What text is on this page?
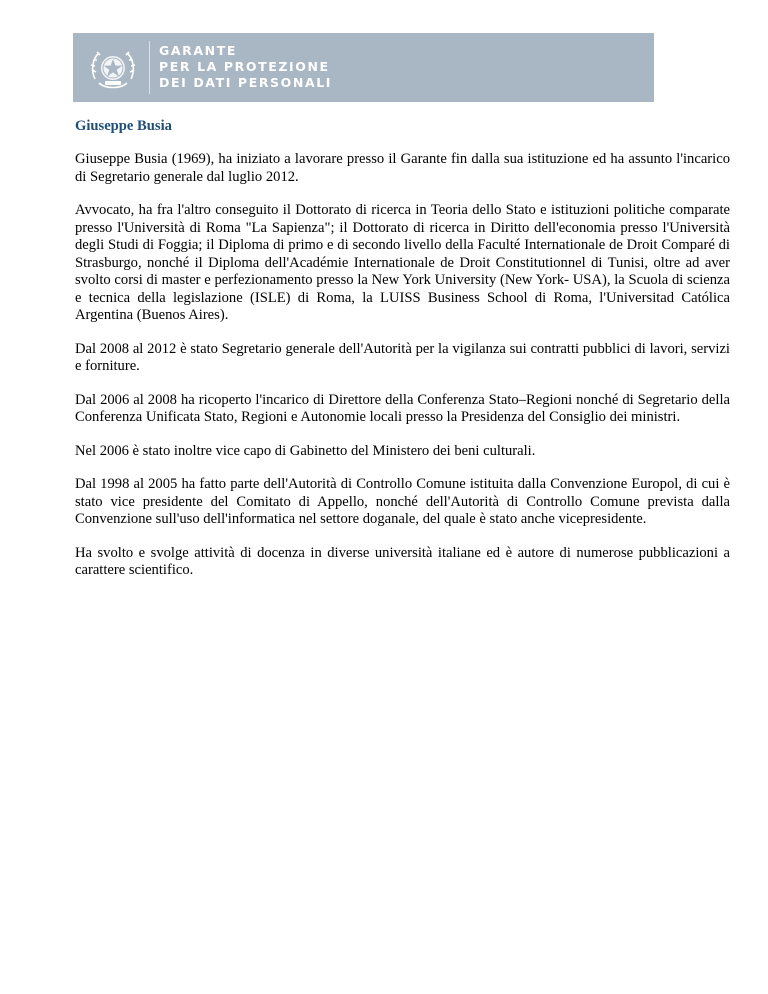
GARANTE
PER LA PROTEZIONE
DEI DATI PERSONALI
Giuseppe Busia

Giuseppe Busia (1969), ha iniziato a lavorare presso il Garante fin dalla sua istituzione ed ha assunto l'incarico di Segretario generale dal luglio 2012.

Avvocato, ha fra l'altro conseguito il Dottorato di ricerca in Teoria dello Stato e istituzioni politiche comparate presso l'Università di Roma "La Sapienza"; il Dottorato di ricerca in Diritto dell'economia presso l'Università degli Studi di Foggia; il Diploma di primo e di secondo livello della Faculté Internationale de Droit Comparé di Strasburgo, nonché il Diploma dell'Académie Internationale de Droit Constitutionnel di Tunisi, oltre ad aver svolto corsi di master e perfezionamento presso la New York University (New York- USA), la Scuola di scienza e tecnica della legislazione (ISLE) di Roma, la LUISS Business School di Roma, l'Universitad Católica Argentina (Buenos Aires).

Dal 2008 al 2012 è stato Segretario generale dell'Autorità per la vigilanza sui contratti pubblici di lavori, servizi e forniture.

Dal 2006 al 2008 ha ricoperto l'incarico di Direttore della Conferenza Stato–Regioni nonché di Segretario della Conferenza Unificata Stato, Regioni e Autonomie locali presso la Presidenza del Consiglio dei ministri.

Nel 2006 è stato inoltre vice capo di Gabinetto del Ministero dei beni culturali.

Dal 1998 al 2005 ha fatto parte dell'Autorità di Controllo Comune istituita dalla Convenzione Europol, di cui è stato vice presidente del Comitato di Appello, nonché dell'Autorità di Controllo Comune prevista dalla Convenzione sull'uso dell'informatica nel settore doganale, del quale è stato anche vicepresidente.

Ha svolto e svolge attività di docenza in diverse università italiane ed è autore di numerose pubblicazioni a carattere scientifico.
